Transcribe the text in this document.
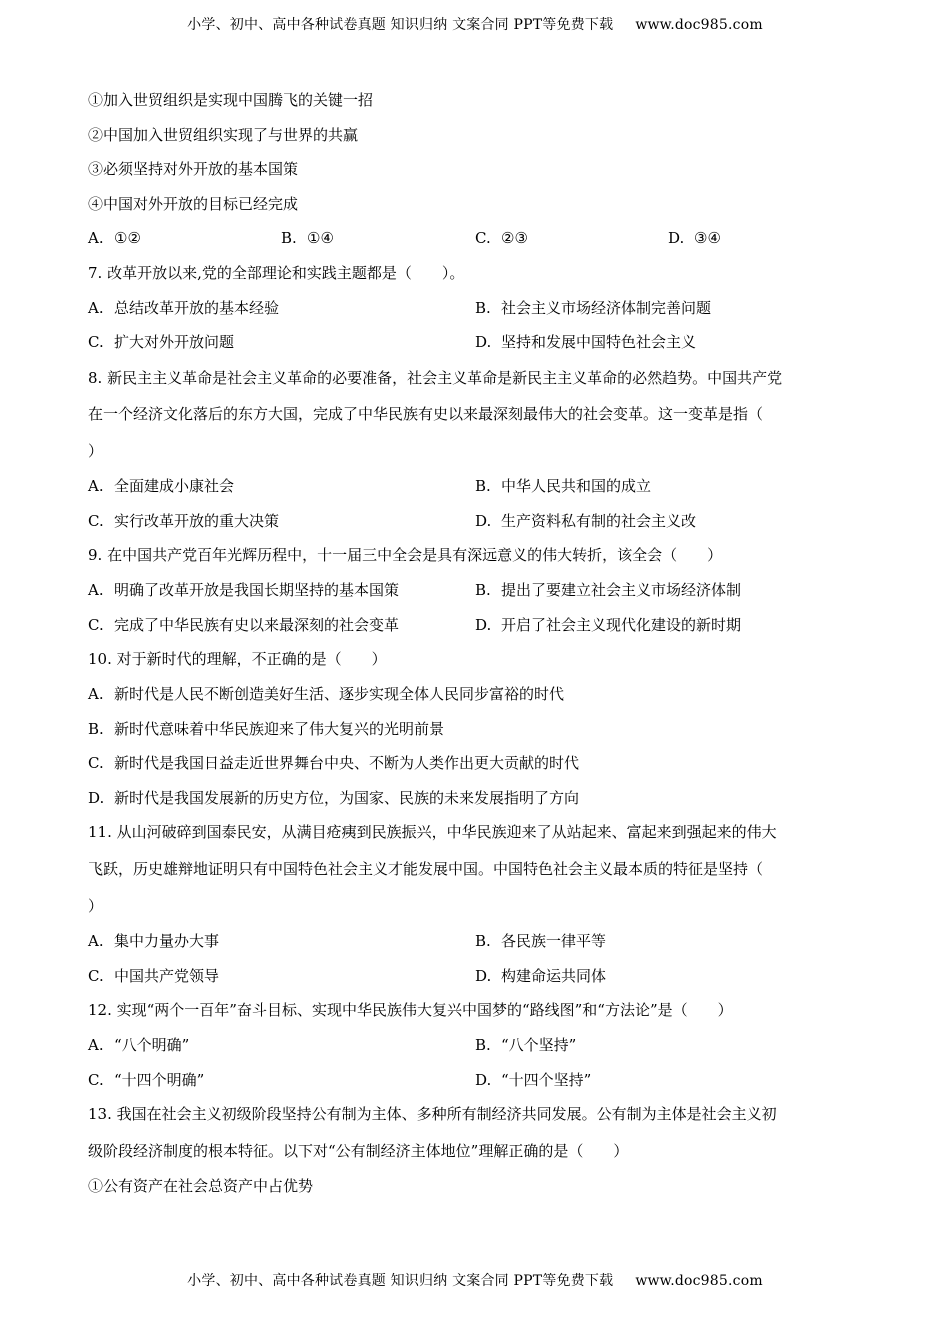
小学、初中、高中各种试卷真题 知识归纳 文案合同 PPT等免费下载 www.doc985.com
①加入世贸组织是实现中国腾飞的关键一招
②中国加入世贸组织实现了与世界的共赢
③必须坚持对外开放的基本国策
④中国对外开放的目标已经完成
A. ①②	B. ①④	C. ②③	D. ③④
7. 改革开放以来,党的全部理论和实践主题都是（　　）。
A. 总结改革开放的基本经验	B. 社会主义市场经济体制完善问题
C. 扩大对外开放问题	D. 坚持和发展中国特色社会主义
8. 新民主主义革命是社会主义革命的必要准备，社会主义革命是新民主主义革命的必然趋势。中国共产党
在一个经济文化落后的东方大国，完成了中华民族有史以来最深刻最伟大的社会变革。这一变革是指（
）
A. 全面建成小康社会	B. 中华人民共和国的成立
C. 实行改革开放的重大决策	D. 生产资料私有制的社会主义改
9. 在中国共产党百年光辉历程中，十一届三中全会是具有深远意义的伟大转折，该全会（　　）
A. 明确了改革开放是我国长期坚持的基本国策	B. 提出了要建立社会主义市场经济体制
C. 完成了中华民族有史以来最深刻的社会变革	D. 开启了社会主义现代化建设的新时期
10. 对于新时代的理解，不正确的是（　　）
A. 新时代是人民不断创造美好生活、逐步实现全体人民同步富裕的时代
B. 新时代意味着中华民族迎来了伟大复兴的光明前景
C. 新时代是我国日益走近世界舞台中央、不断为人类作出更大贡献的时代
D. 新时代是我国发展新的历史方位，为国家、民族的未来发展指明了方向
11. 从山河破碎到国泰民安，从满目疮痍到民族振兴，中华民族迎来了从站起来、富起来到强起来的伟大
飞跃，历史雄辩地证明只有中国特色社会主义才能发展中国。中国特色社会主义最本质的特征是坚持（
）
A. 集中力量办大事	B. 各民族一律平等
C. 中国共产党领导	D. 构建命运共同体
12. 实现“两个一百年”奋斗目标、实现中华民族伟大复兴中国梦的“路线图”和“方法论”是（　　）
A. “八个明确”	B. “八个坚持”
C. “十四个明确”	D. “十四个坚持”
13. 我国在社会主义初级阶段坚持公有制为主体、多种所有制经济共同发展。公有制为主体是社会主义初
级阶段经济制度的根本特征。以下对“公有制经济主体地位”理解正确的是（　　）
①公有资产在社会总资产中占优势
小学、初中、高中各种试卷真题 知识归纳 文案合同 PPT等免费下载 www.doc985.com
